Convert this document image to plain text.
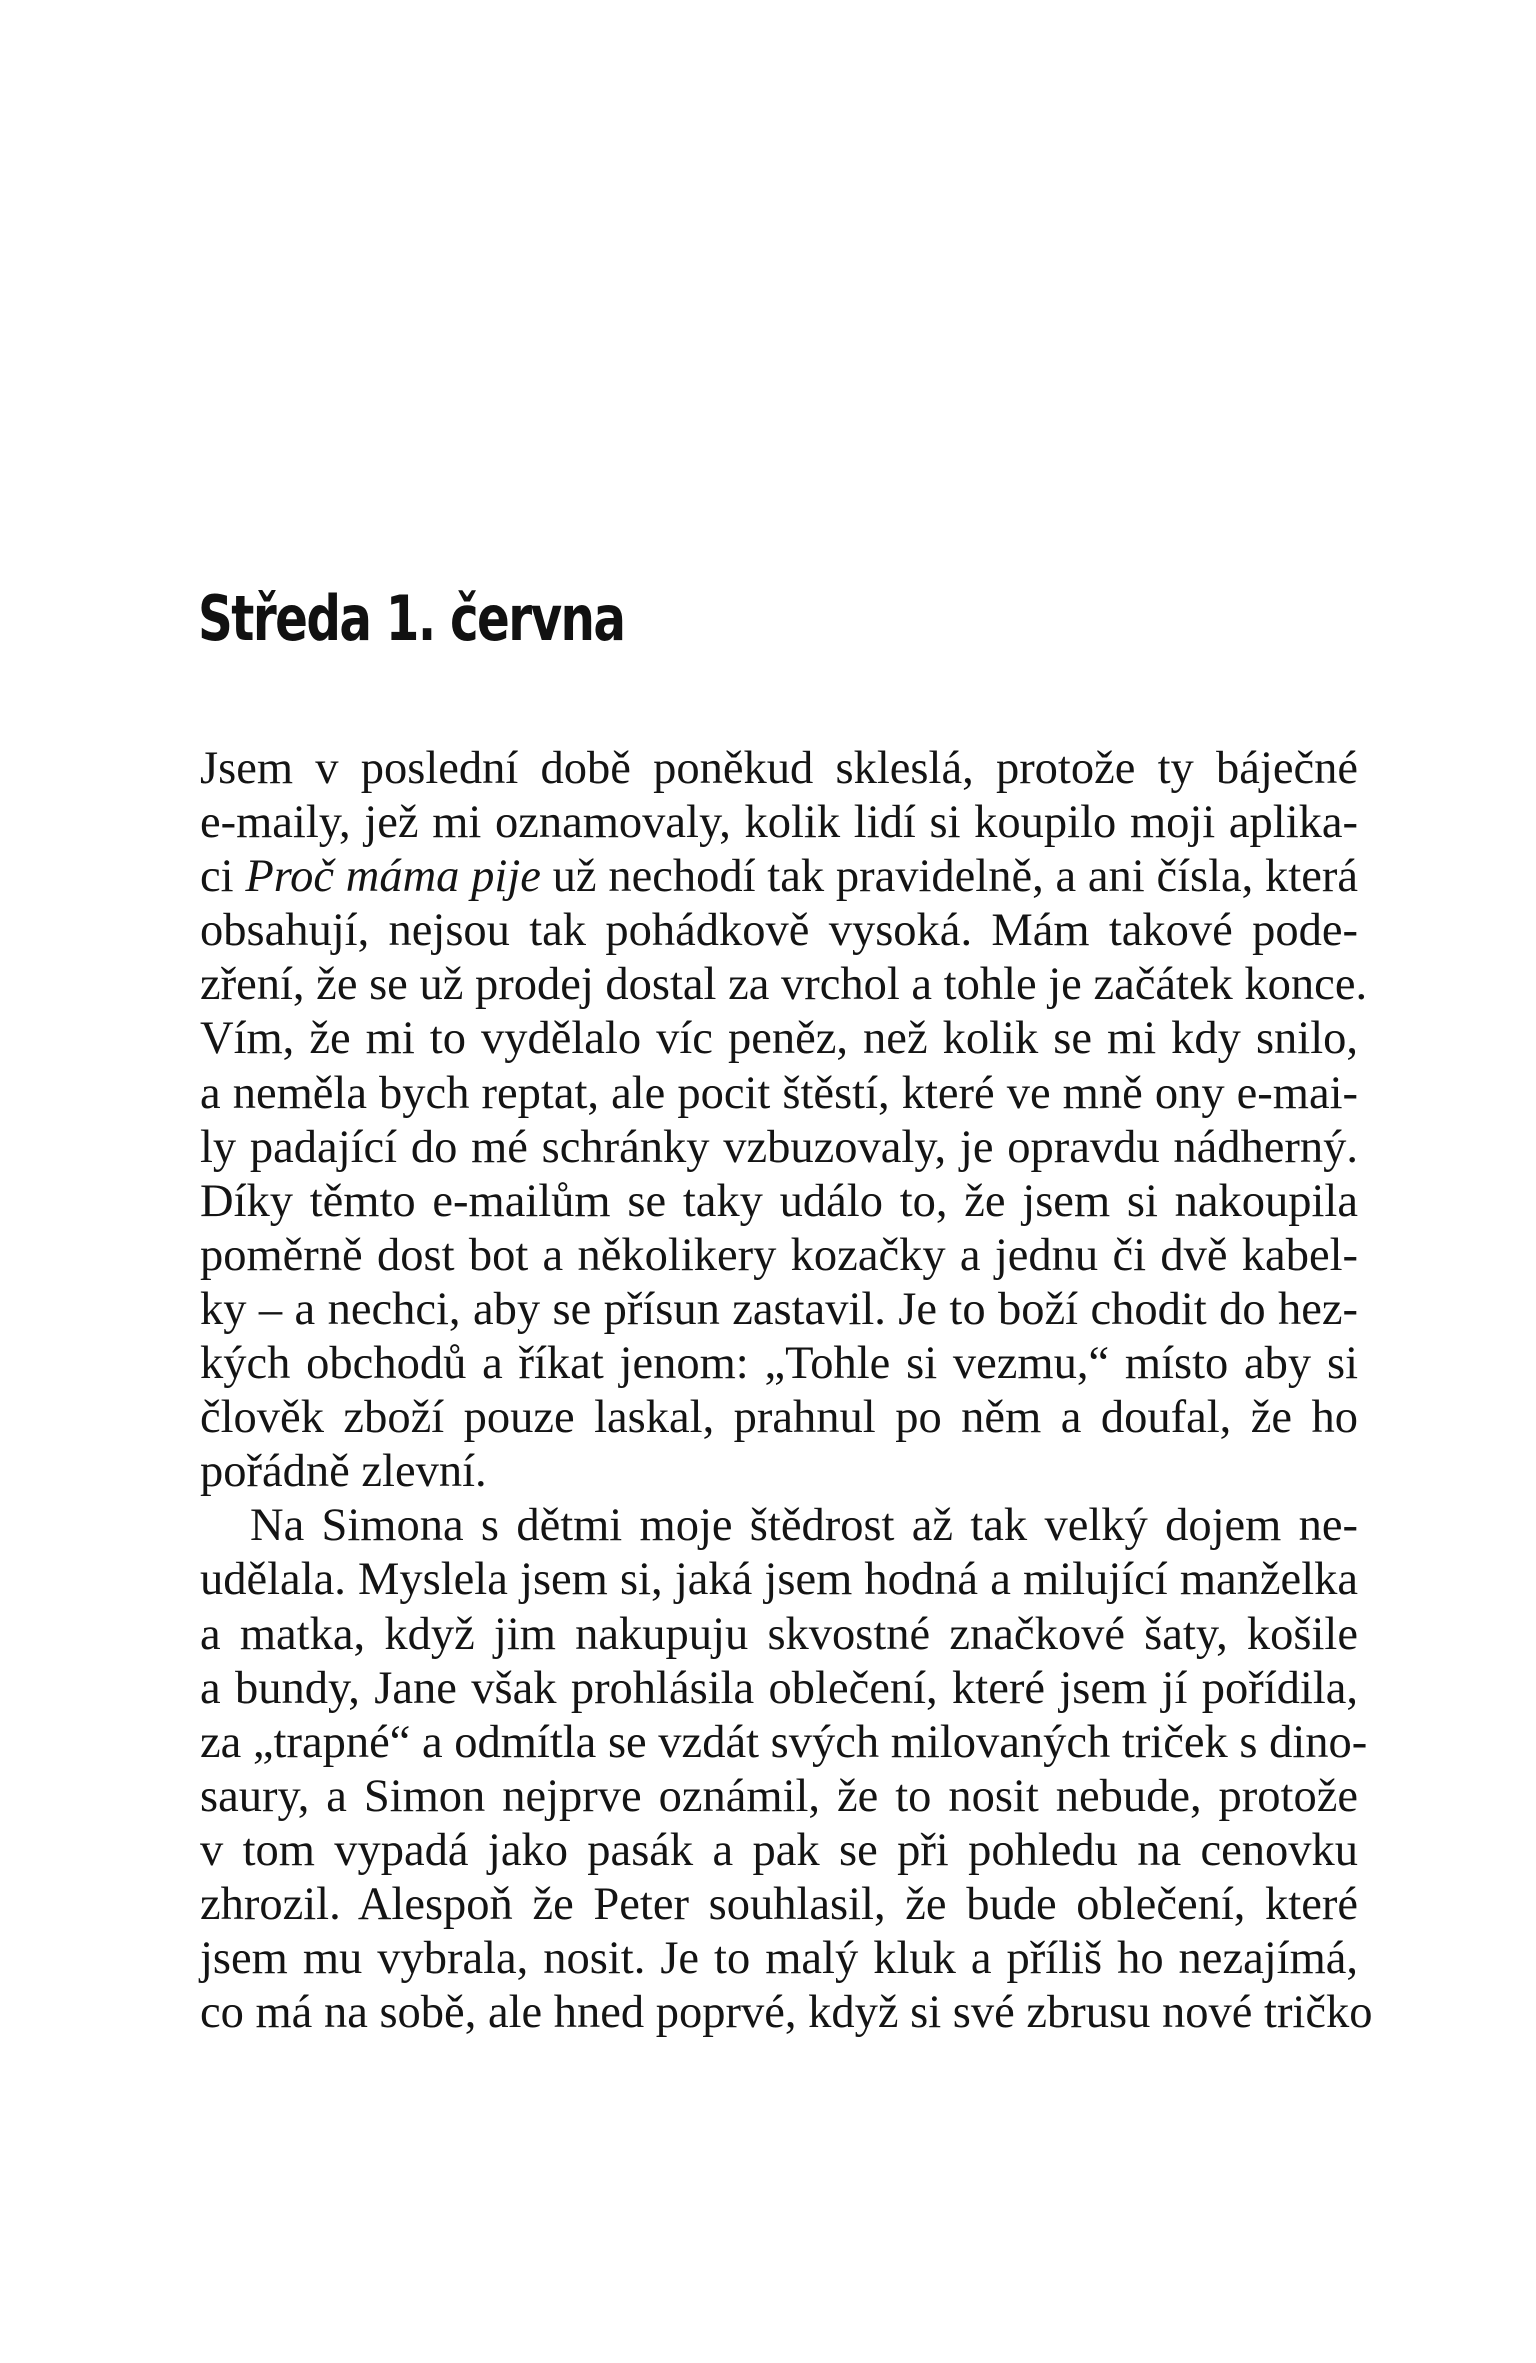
Středa 1. června
Jsem v poslední době poněkud skleslá, protože ty báječné
e-maily, jež mi oznamovaly, kolik lidí si koupilo moji aplika-
ci Proč máma pije už nechodí tak pravidelně, a ani čísla, která
obsahují, nejsou tak pohádkově vysoká. Mám takové pode-
zření, že se už prodej dostal za vrchol a tohle je začátek konce.
Vím, že mi to vydělalo víc peněz, než kolik se mi kdy snilo,
a neměla bych reptat, ale pocit štěstí, které ve mně ony e-mai-
ly padající do mé schránky vzbuzovaly, je opravdu nádherný.
Díky těmto e-mailům se taky událo to, že jsem si nakoupila
poměrně dost bot a několikery kozačky a jednu či dvě kabel-
ky – a nechci, aby se přísun zastavil. Je to boží chodit do hez-
kých obchodů a říkat jenom: „Tohle si vezmu,“ místo aby si
člověk zboží pouze laskal, prahnul po něm a doufal, že ho
pořádně zlevní.
Na Simona s dětmi moje štědrost až tak velký dojem ne-
udělala. Myslela jsem si, jaká jsem hodná a milující manželka
a matka, když jim nakupuju skvostné značkové šaty, košile
a bundy, Jane však prohlásila oblečení, které jsem jí pořídila,
za „trapné“ a odmítla se vzdát svých milovaných triček s dino-
saury, a Simon nejprve oznámil, že to nosit nebude, protože
v tom vypadá jako pasák a pak se při pohledu na cenovku
zhrozil. Alespoň že Peter souhlasil, že bude oblečení, které
jsem mu vybrala, nosit. Je to malý kluk a příliš ho nezajímá,
co má na sobě, ale hned poprvé, když si své zbrusu nové tričko
